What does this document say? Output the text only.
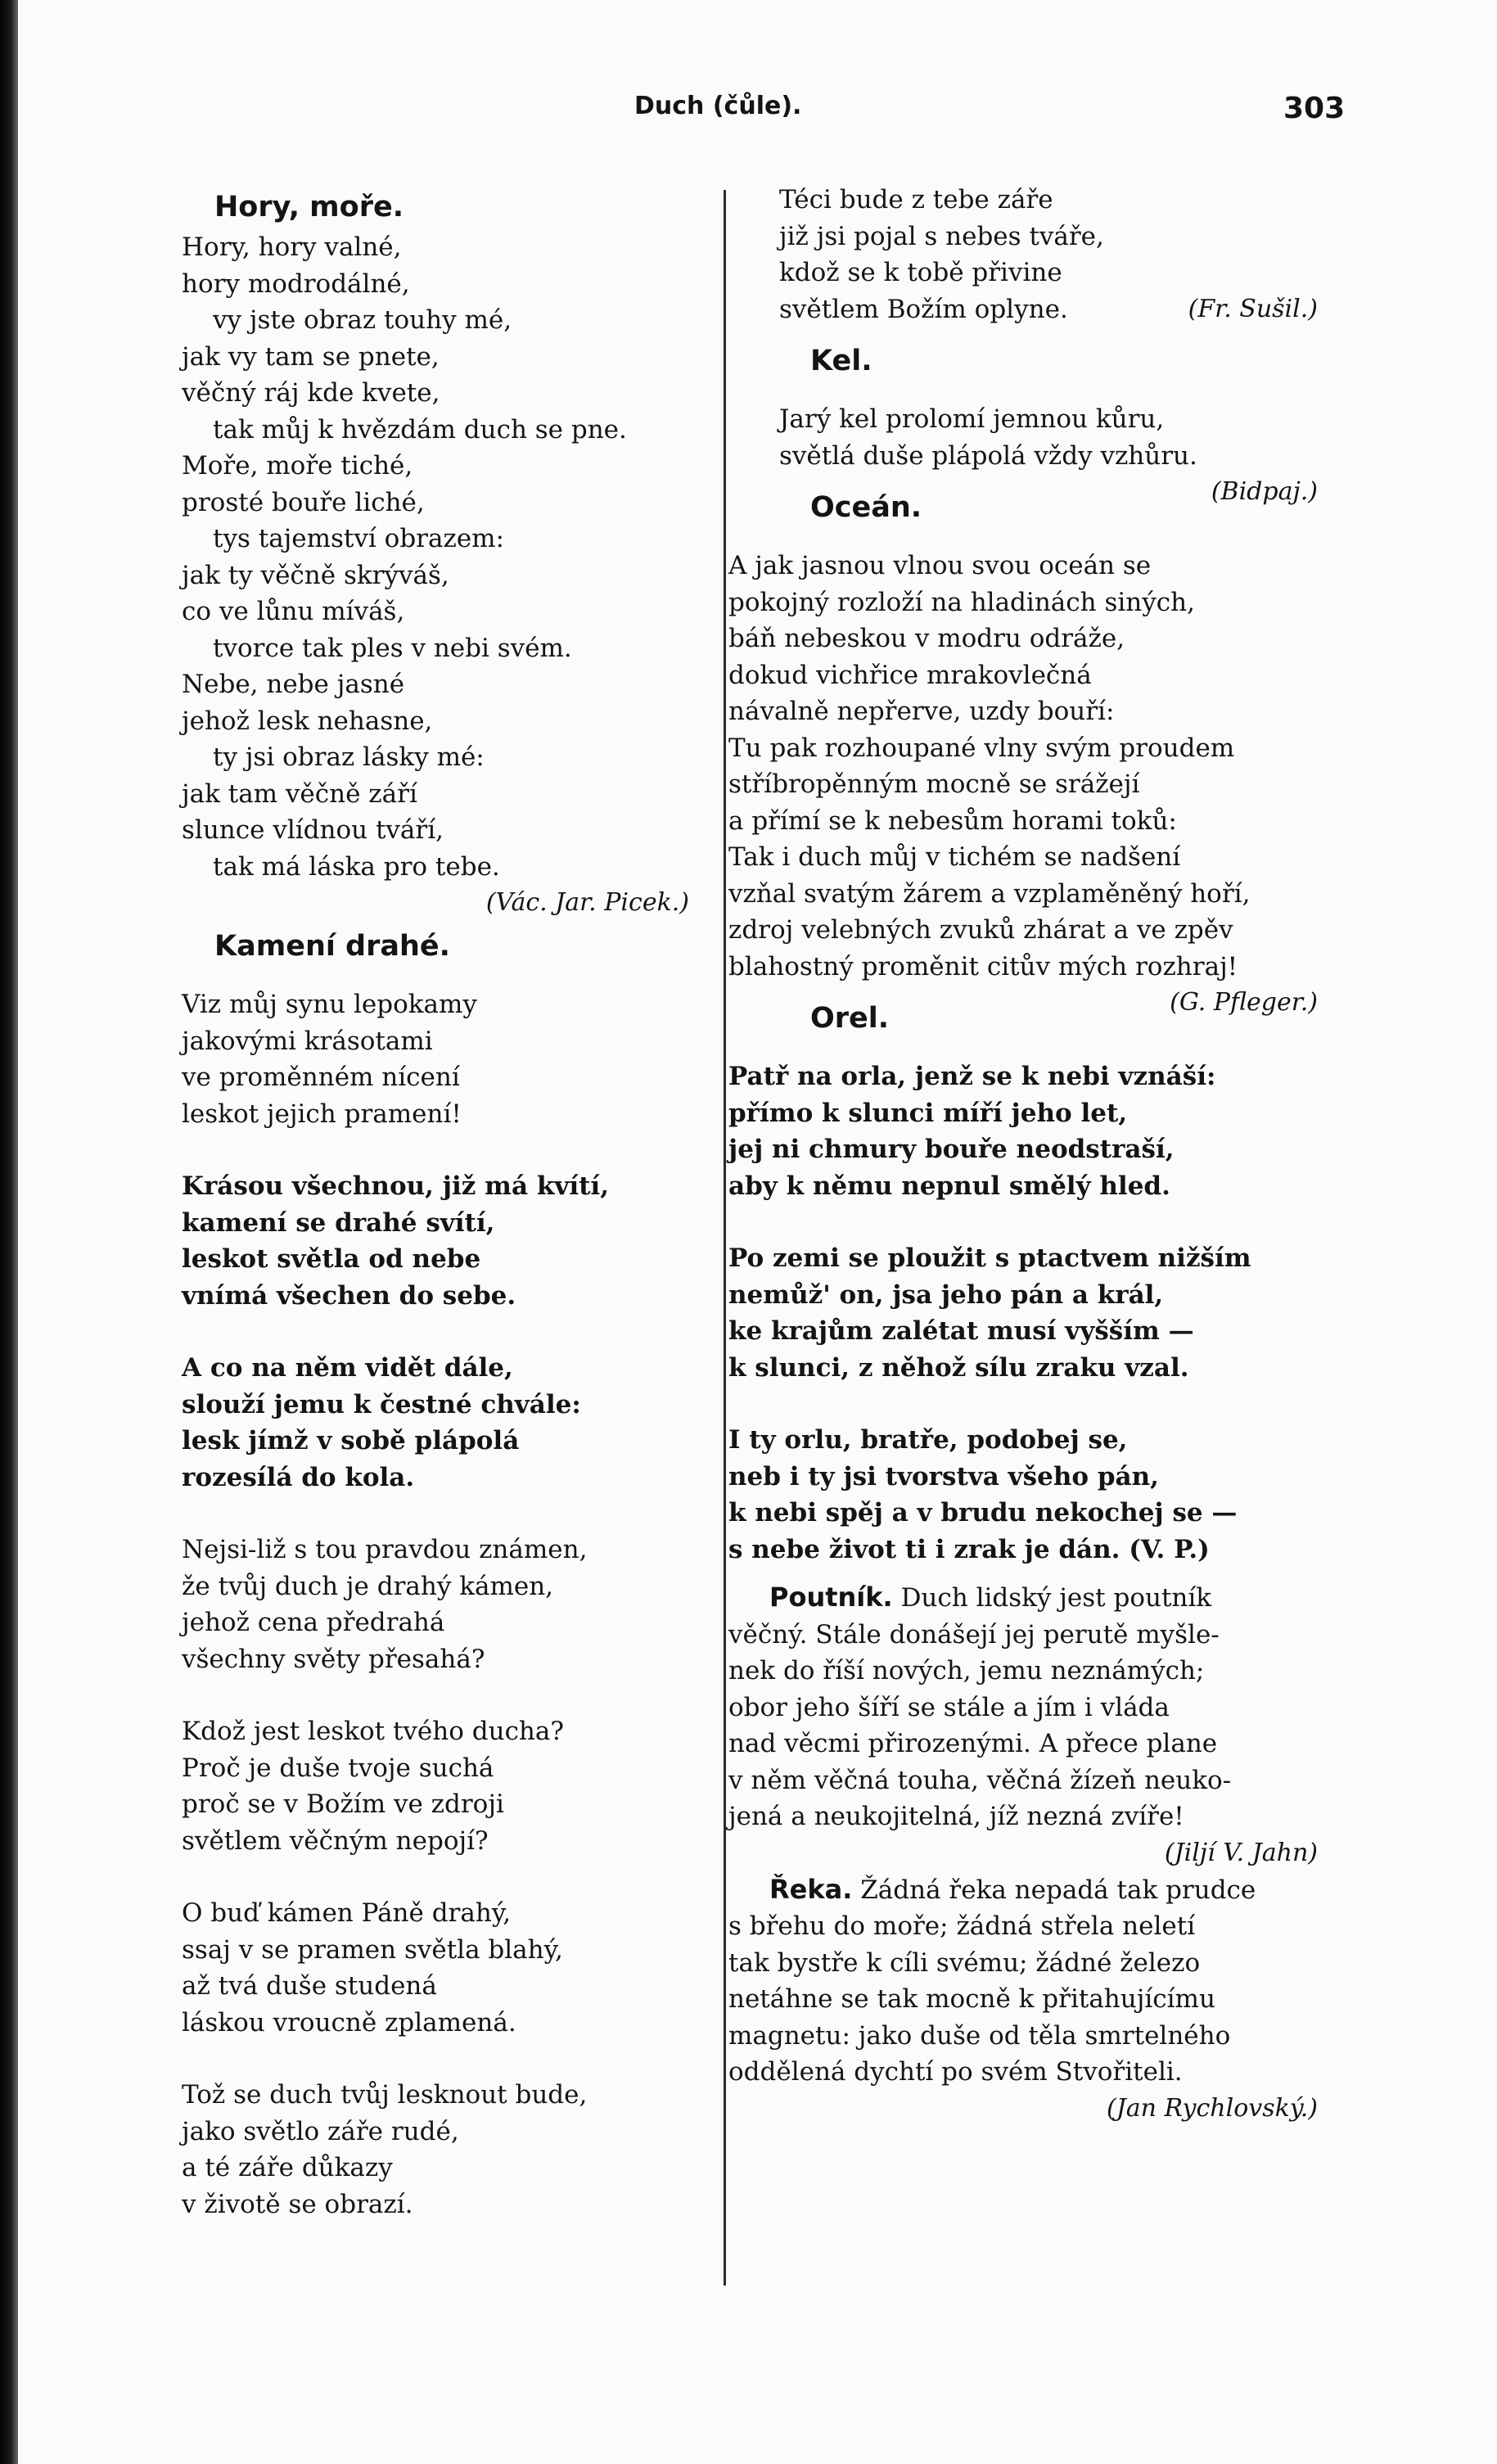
Duch (čůle).	303
Hory, moře.
Hory, hory valné,
hory modrodálné,
vy jste obraz touhy mé,
jak vy tam se pnete,
věčný ráj kde kvete,
tak můj k hvězdám duch se pne.
Moře, moře tiché,
prosté bouře liché,
tys tajemství obrazem:
jak ty věčně skrýváš,
co ve lůnu míváš,
tvorce tak ples v nebi svém.
Nebe, nebe jasné
jehož lesk nehasne,
ty jsi obraz lásky mé:
jak tam věčně září
slunce vlídnou tváří,
tak má láska pro tebe.
(Vác. Jar. Picek.)
Kamení drahé.
Viz můj synu lepokamy
jakovými krásotami
ve proměnném nícení
leskot jejich pramení!
Krásou všechnou, již má kvítí,
kamení se drahé svítí,
leskot světla od nebe
vnímá všechen do sebe.
A co na něm vidět dále,
slouží jemu k čestné chvále:
lesk jímž v sobě plápolá
rozesílá do kola.
Nejsi-liž s tou pravdou známen,
že tvůj duch je drahý kámen,
jehož cena předrahá
všechny světy přesahá?
Kdož jest leskot tvého ducha?
Proč je duše tvoje suchá
proč se v Božím ve zdroji
světlem věčným nepojí?
O buď kámen Páně drahý,
ssaj v se pramen světla blahý,
až tvá duše studená
láskou vroucně zplamená.
Tož se duch tvůj lesknout bude,
jako světlo záře rudé,
a té záře důkazy
v životě se obrazí.
Téci bude z tebe záře
již jsi pojal s nebes tváře,
kdož se k tobě přivine
světlem Božím oplyne.	(Fr. Sušil.)
Kel.
Jarý kel prolomí jemnou kůru,
světlá duše plápolá vždy vzhůru.
(Bidpaj.)
Oceán.
A jak jasnou vlnou svou oceán se
pokojný rozloží na hladinách siných,
báň nebeskou v modru odráže,
dokud vichřice mrakovlečná
návalně nepřerve, uzdy bouří:
Tu pak rozhoupané vlny svým proudem
stříbropěnným mocně se srážejí
a přímí se k nebesům horami toků:
Tak i duch můj v tichém se nadšení
vzňal svatým žárem a vzplaměněný hoří,
zdroj velebných zvuků zhárat a ve zpěv
blahostný proměnit citův mých rozhraj!
(G. Pfleger.)
Orel.
Patř na orla, jenž se k nebi vznáší:
přímo k slunci míří jeho let,
jej ni chmury bouře neodstraší,
aby k němu nepnul smělý hled.
Po zemi se ploužit s ptactvem nižším
nemůž' on, jsa jeho pán a král,
ke krajům zalétat musí vyšším —
k slunci, z něhož sílu zraku vzal.
I ty orlu, bratře, podobej se,
neb i ty jsi tvorstva všeho pán,
k nebi spěj a v brudu nekochej se —
s nebe život ti i zrak je dán. (V. P.)
Poutník. Duch lidský jest poutník
věčný. Stále donášejí jej perutě myšle-
nek do říší nových, jemu neznámých;
obor jeho šíří se stále a jím i vláda
nad věcmi přirozenými. A přece plane
v něm věčná touha, věčná žízeň neuko-
jená a neukojitelná, jíž nezná zvíře!
(Jiljí V. Jahn)
Řeka. Žádná řeka nepadá tak prudce
s břehu do moře; žádná střela neletí
tak bystře k cíli svému; žádné železo
netáhne se tak mocně k přitahujícímu
magnetu: jako duše od těla smrtelného
oddělená dychtí po svém Stvořiteli.
(Jan Rychlovský.)
